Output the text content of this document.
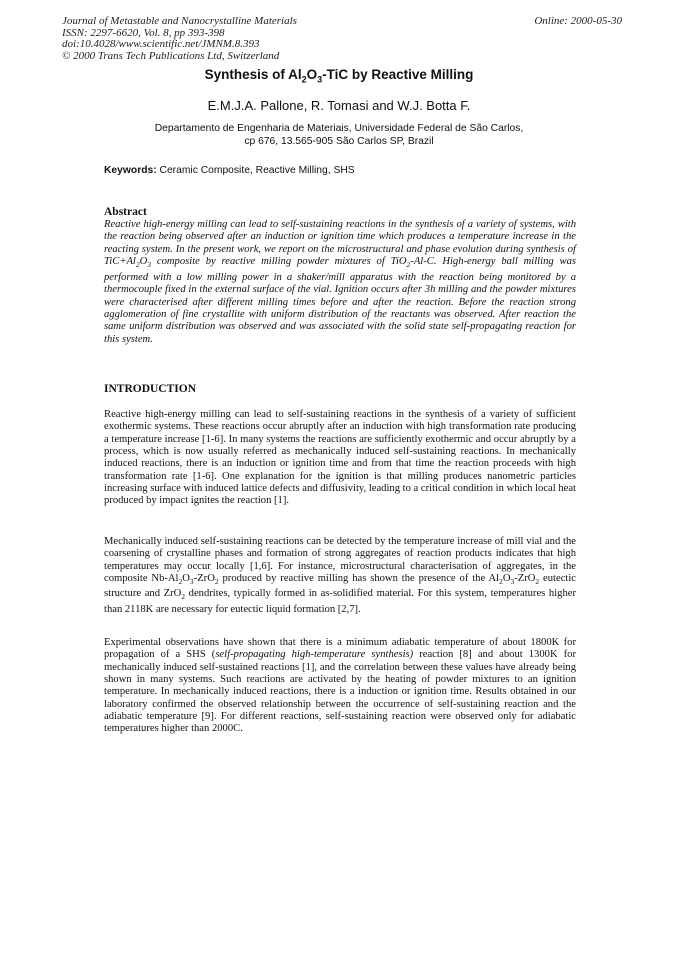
Journal of Metastable and Nanocrystalline Materials
ISSN: 2297-6620, Vol. 8, pp 393-398
doi:10.4028/www.scientific.net/JMNM.8.393
© 2000 Trans Tech Publications Ltd, Switzerland
Online: 2000-05-30
Synthesis of $Al_2O_3$-TiC by Reactive Milling
E.M.J.A. Pallone, R. Tomasi and W.J. Botta F.
Departamento de Engenharia de Materiais, Universidade Federal de São Carlos,
cp 676, 13.565-905 São Carlos SP, Brazil
Keywords: Ceramic Composite, Reactive Milling, SHS
Abstract
Reactive high-energy milling can lead to self-sustaining reactions in the synthesis of a variety of systems, with the reaction being observed after an induction or ignition time which produces a temperature increase in the reacting system. In the present work, we report on the microstructural and phase evolution during synthesis of $TiC+Al_2O_3$ composite by reactive milling powder mixtures of TiO$_2$-Al-C. High-energy ball milling was performed with a low milling power in a shaker/mill apparatus with the reaction being monitored by a thermocouple fixed in the external surface of the vial. Ignition occurs after 3h milling and the powder mixtures were characterised after different milling times before and after the reaction. Before the reaction strong agglomeration of fine crystallite with uniform distribution of the reactants was observed. After reaction the same uniform distribution was observed and was associated with the solid state self-propagating reaction for this system.
INTRODUCTION
Reactive high-energy milling can lead to self-sustaining reactions in the synthesis of a variety of sufficient exothermic systems. These reactions occur abruptly after an induction with high transformation rate producing a temperature increase [1-6]. In many systems the reactions are sufficiently exothermic and occur abruptly by a process, which is now usually referred as mechanically induced self-sustaining reactions. In mechanically induced reactions, there is an induction or ignition time and from that time the reaction proceeds with high transformation rate [1-6]. One explanation for the ignition is that milling produces nanometric particles increasing surface with induced lattice defects and diffusivity, leading to a critical condition in which local heat produced by impact ignites the reaction [1].
Mechanically induced self-sustaining reactions can be detected by the temperature increase of mill vial and the coarsening of crystalline phases and formation of strong aggregates of reaction products indicates that high temperatures may occur locally [1,6]. For instance, microstructural characterisation of aggregates, in the composite $Nb-Al_2O_3-ZrO_2$ produced by reactive milling has shown the presence of the $Al_2O_3-ZrO_2$ eutectic structure and ZrO$_2$ dendrites, typically formed in as-solidified material. For this system, temperatures higher than 2118K are necessary for eutectic liquid formation [2,7].
Experimental observations have shown that there is a minimum adiabatic temperature of about 1800K for propagation of a SHS (self-propagating high-temperature synthesis) reaction [8] and about 1300K for mechanically induced self-sustained reactions [1], and the correlation between these values have already being shown in many systems. Such reactions are activated by the heating of powder mixtures to an ignition temperature. In mechanically induced reactions, there is a induction or ignition time. Results obtained in our laboratory confirmed the observed relationship between the occurrence of self-sustaining reaction and the adiabatic temperature [9]. For different reactions, self-sustaining reaction were observed only for adiabatic temperatures higher than 2000C.
